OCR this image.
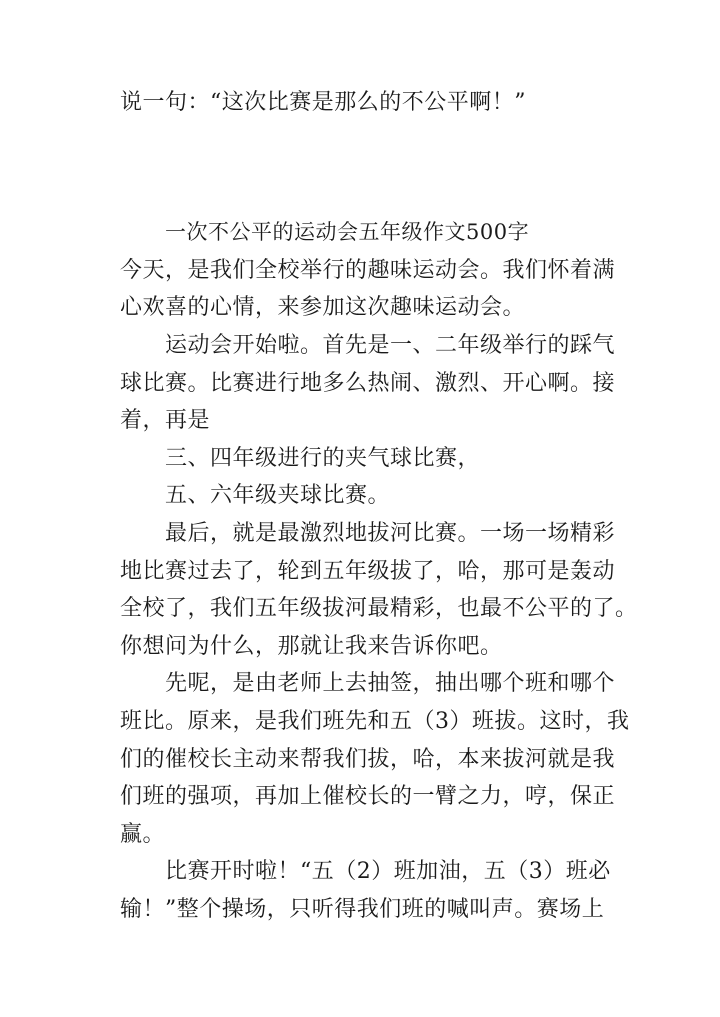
说一句：“这次比赛是那么的不公平啊！”
一次不公平的运动会五年级作文500字
今天，是我们全校举行的趣味运动会。我们怀着满
心欢喜的心情，来参加这次趣味运动会。
运动会开始啦。首先是一、二年级举行的踩气
球比赛。比赛进行地多么热闹、激烈、开心啊。接
着，再是
三、四年级进行的夹气球比赛，
五、六年级夹球比赛。
最后，就是最激烈地拔河比赛。一场一场精彩
地比赛过去了，轮到五年级拔了，哈，那可是轰动
全校了，我们五年级拔河最精彩，也最不公平的了。
你想问为什么，那就让我来告诉你吧。
先呢，是由老师上去抽签，抽出哪个班和哪个
班比。原来，是我们班先和五（3）班拔。这时，我
们的催校长主动来帮我们拔，哈，本来拔河就是我
们班的强项，再加上催校长的一臂之力，哼，保正
赢。
比赛开时啦！“五（2）班加油，五（3）班必
输！”整个操场，只听得我们班的喊叫声。赛场上
